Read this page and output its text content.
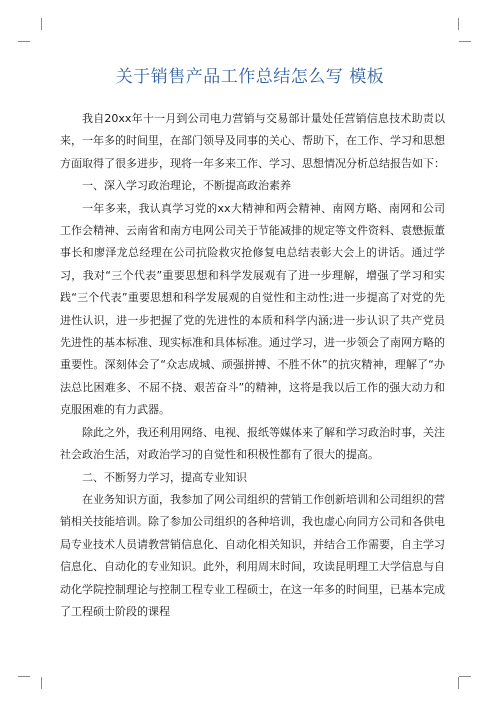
关于销售产品工作总结怎么写 模板

我自20xx年十一月到公司电力营销与交易部计量处任营销信息技术助责以来，一年多的时间里，在部门领导及同事的关心、帮助下，在工作、学习和思想方面取得了很多进步，现将一年多来工作、学习、思想情况分析总结报告如下：

一、深入学习政治理论，不断提高政治素养

一年多来，我认真学习党的xx大精神和两会精神、南网方略、南网和公司工作会精神、云南省和南方电网公司关于节能减排的规定等文件资料、袁懋振董事长和廖泽龙总经理在公司抗险救灾抢修复电总结表彰大会上的讲话。通过学习，我对“三个代表”重要思想和科学发展观有了进一步理解，增强了学习和实践“三个代表”重要思想和科学发展观的自觉性和主动性;进一步提高了对党的先进性认识，进一步把握了党的先进性的本质和科学内涵;进一步认识了共产党员先进性的基本标准、现实标准和具体标准。通过学习，进一步领会了南网方略的重要性。深刻体会了“众志成城、顽强拼搏、不胜不休”的抗灾精神，理解了“办法总比困难多、不屈不挠、艰苦奋斗”的精神，这将是我以后工作的强大动力和克服困难的有力武器。

除此之外，我还利用网络、电视、报纸等媒体来了解和学习政治时事，关注社会政治生活，对政治学习的自觉性和积极性都有了很大的提高。

二、不断努力学习，提高专业知识

在业务知识方面，我参加了网公司组织的营销工作创新培训和公司组织的营销相关技能培训。除了参加公司组织的各种培训，我也虚心向同方公司和各供电局专业技术人员请教营销信息化、自动化相关知识，并结合工作需要，自主学习信息化、自动化的专业知识。此外，利用周末时间，攻读昆明理工大学信息与自动化学院控制理论与控制工程专业工程硕士，在这一年多的时间里，已基本完成了工程硕士阶段的课程
